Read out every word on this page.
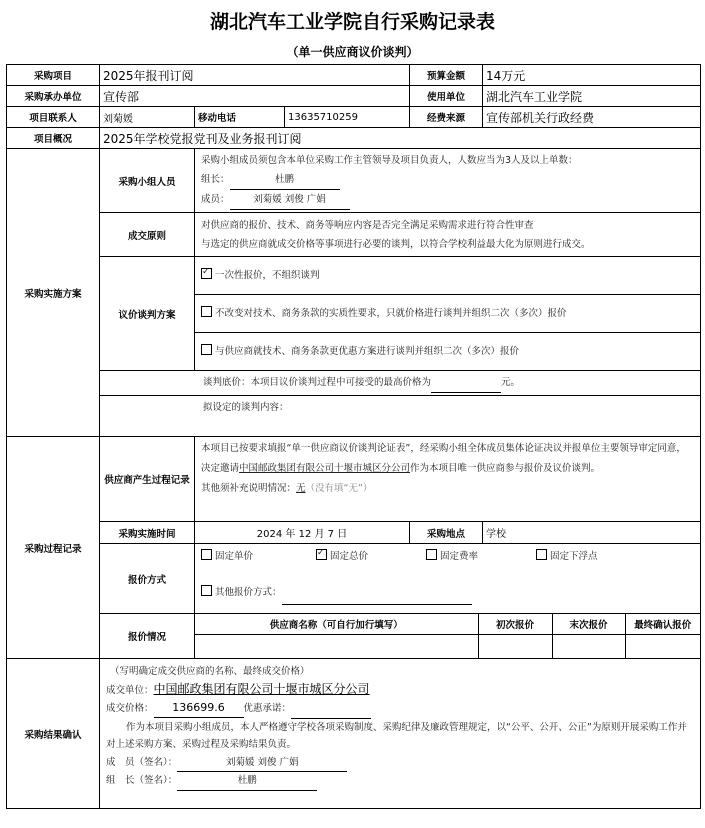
湖北汽车工业学院自行采购记录表
（单一供应商议价谈判）
采购项目	2025年报刊订阅	预算金额	14万元
采购承办单位	宣传部	使用单位	湖北汽车工业学院
项目联系人	刘菊媛	移动电话	13635710259	经费来源	宣传部机关行政经费
项目概况	2025年学校党报党刊及业务报刊订阅
采购实施方案	采购小组人员	
采购小组成员须包含本单位采购工作主管领导及项目负责人，人数应当为3人及以上单数：
组长：	杜鹏
成员： 刘菊媛 刘俊 广娟

成交原则	
对供应商的报价、技术、商务等响应内容是否完全满足采购需求进行符合性审查
与选定的供应商就成交价格等事项进行必要的谈判，以符合学校利益最大化为原则进行成交。

议价谈判方案	✓一次性报价，不组织谈判
不改变对技术、商务条款的实质性要求，只就价格进行谈判并组织二次（多次）报价
与供应商就技术、商务条款更优惠方案进行谈判并组织二次（多次）报价
谈判底价：本项目议价谈判过程中可接受的最高价格为	元。
拟设定的谈判内容：
采购过程记录	供应商产生过程记录	本项目已按要求填报“单一供应商议价谈判论证表”，经采购小组全体成员集体论证决议并报单位主要领导审定同意，决定邀请中国邮政集团有限公司十堰市城区分公司作为本项目唯一供应商参与报价及议价谈判。
其他须补充说明情况：无（没有填“无”）
采购实施时间	2024 年 12 月 7 日	采购地点	学校
报价方式	
固定单价
✓	固定总价	固定费率	固定下浮点
其他报价方式：

报价情况	
供应商名称（可自行加行填写）	初次报价	末次报价	最终确认报价

采购结果确认	
（写明确定成交供应商的名称、最终成交价格）
成交单位：中国邮政集团有限公司十堰市城区分公司
成交价格： 136699.6 优惠承诺：
作为本项目采购小组成员，本人严格遵守学校各项采购制度、采购纪律及廉政管理规定，以“公平、公开、公正”为原则开展采购工作并对上述采购方案、采购过程及采购结果负责。
成　员（签名）：	刘菊媛 刘俊 广娟
组　长（签名）：	杜鹏
